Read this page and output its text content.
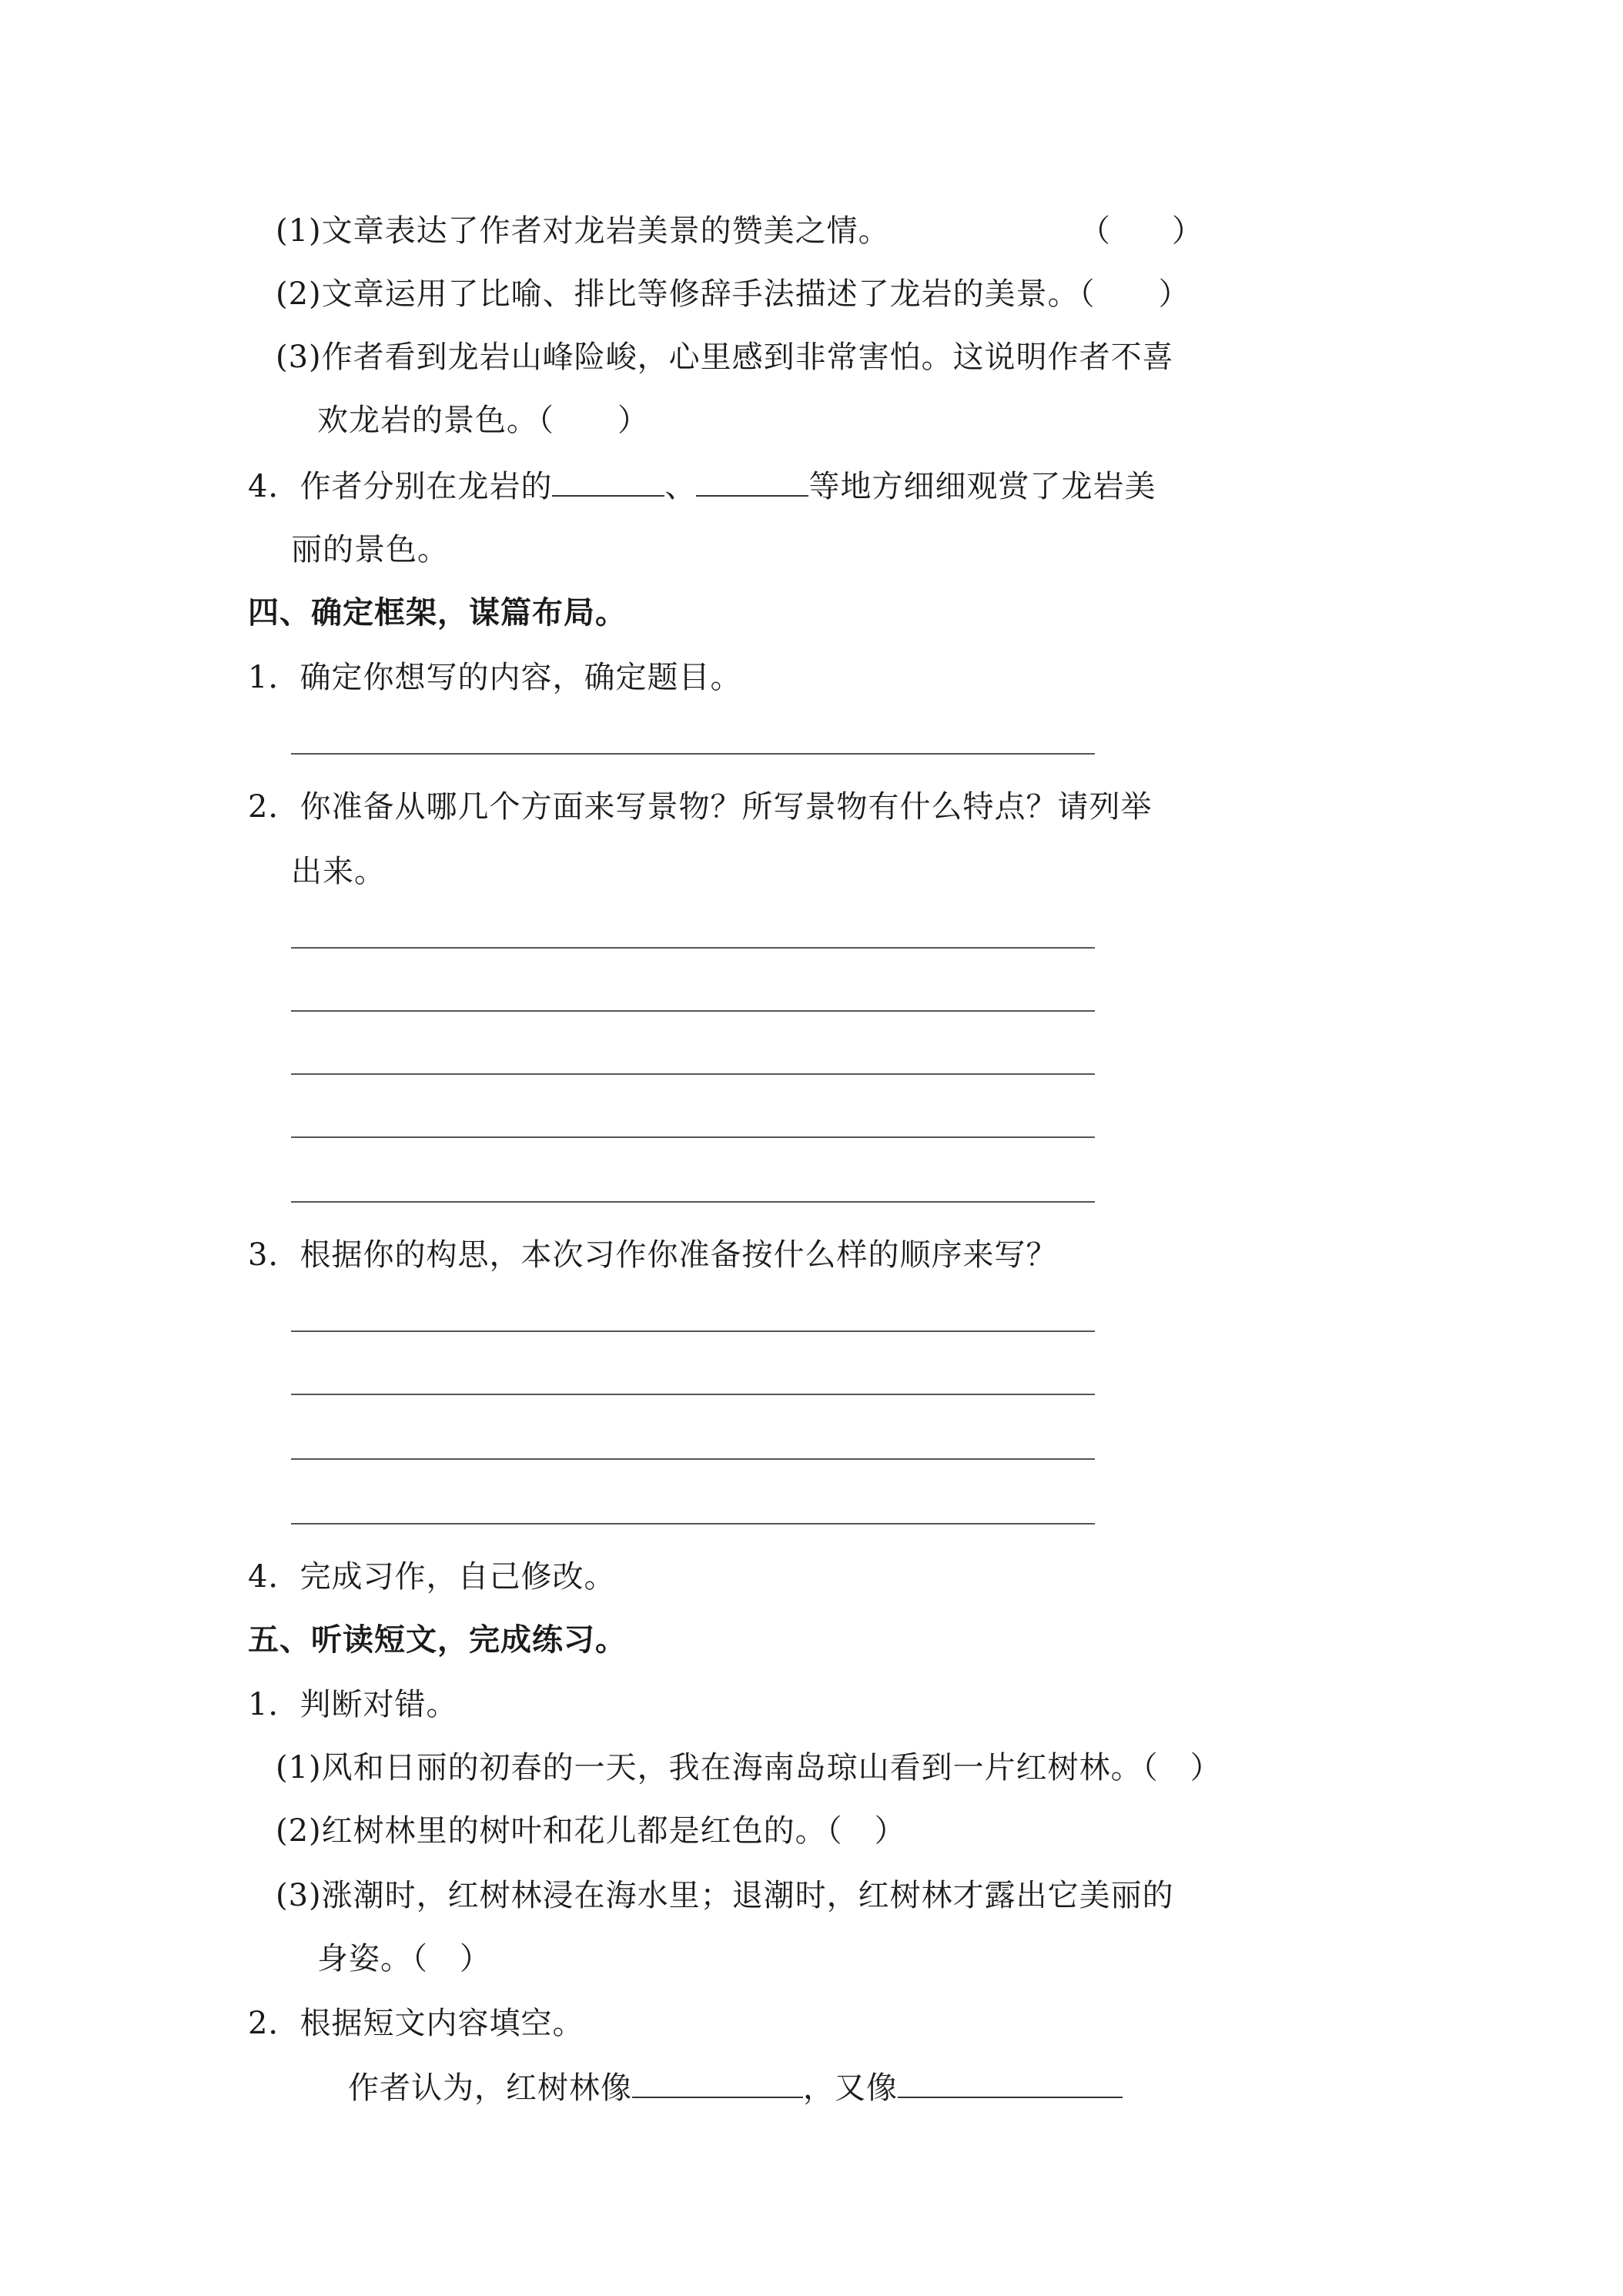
(1)文章表达了作者对龙岩美景的赞美之情。	（　　）
(2)文章运用了比喻、排比等修辞手法描述了龙岩的美景。（　　）
(3)作者看到龙岩山峰险峻，心里感到非常害怕。这说明作者不喜
欢龙岩的景色。（　　）
4．作者分别在龙岩的	、	等地方细细观赏了龙岩美
丽的景色。
四、确定框架，谋篇布局。
1．确定你想写的内容，确定题目。
2．你准备从哪几个方面来写景物？所写景物有什么特点？请列举
出来。
3．根据你的构思，本次习作你准备按什么样的顺序来写？
4．完成习作，自己修改。
五、听读短文，完成练习。
1．判断对错。
(1)风和日丽的初春的一天，我在海南岛琼山看到一片红树林。（　）
(2)红树林里的树叶和花儿都是红色的。（　）
(3)涨潮时，红树林浸在海水里；退潮时，红树林才露出它美丽的
身姿。（　）
2．根据短文内容填空。
作者认为，红树林像	，又像
